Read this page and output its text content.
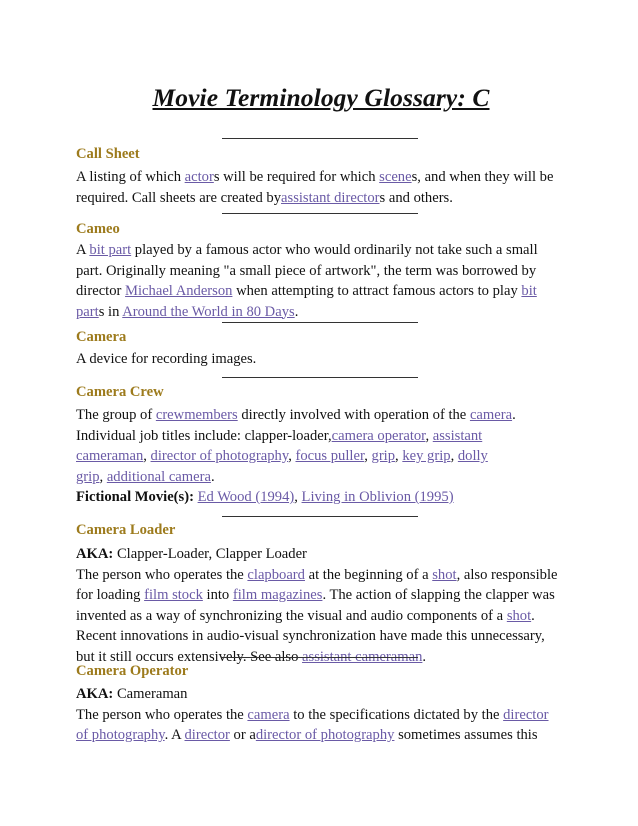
Movie Terminology Glossary: C
Call Sheet
A listing of which actors will be required for which scenes, and when they will be
required. Call sheets are created byassistant directors and others.
Cameo
A bit part played by a famous actor who would ordinarily not take such a small
part. Originally meaning "a small piece of artwork", the term was borrowed by
director Michael Anderson when attempting to attract famous actors to play bit
parts in Around the World in 80 Days.
Camera
A device for recording images.
Camera Crew
The group of crewmembers directly involved with operation of the camera.
Individual job titles include: clapper-loader,camera operator, assistant
cameraman, director of photography, focus puller, grip, key grip, dolly
grip, additional camera.
Fictional Movie(s): Ed Wood (1994), Living in Oblivion (1995)
Camera Loader
AKA: Clapper-Loader, Clapper Loader
The person who operates the clapboard at the beginning of a shot, also responsible
for loading film stock into film magazines. The action of slapping the clapper was
invented as a way of synchronizing the visual and audio components of a shot.
Recent innovations in audio-visual synchronization have made this unnecessary,
but it still occurs extensively. See also assistant cameraman.
Camera Operator
AKA: Cameraman
The person who operates the camera to the specifications dictated by the director
of photography. A director or adirector of photography sometimes assumes this
